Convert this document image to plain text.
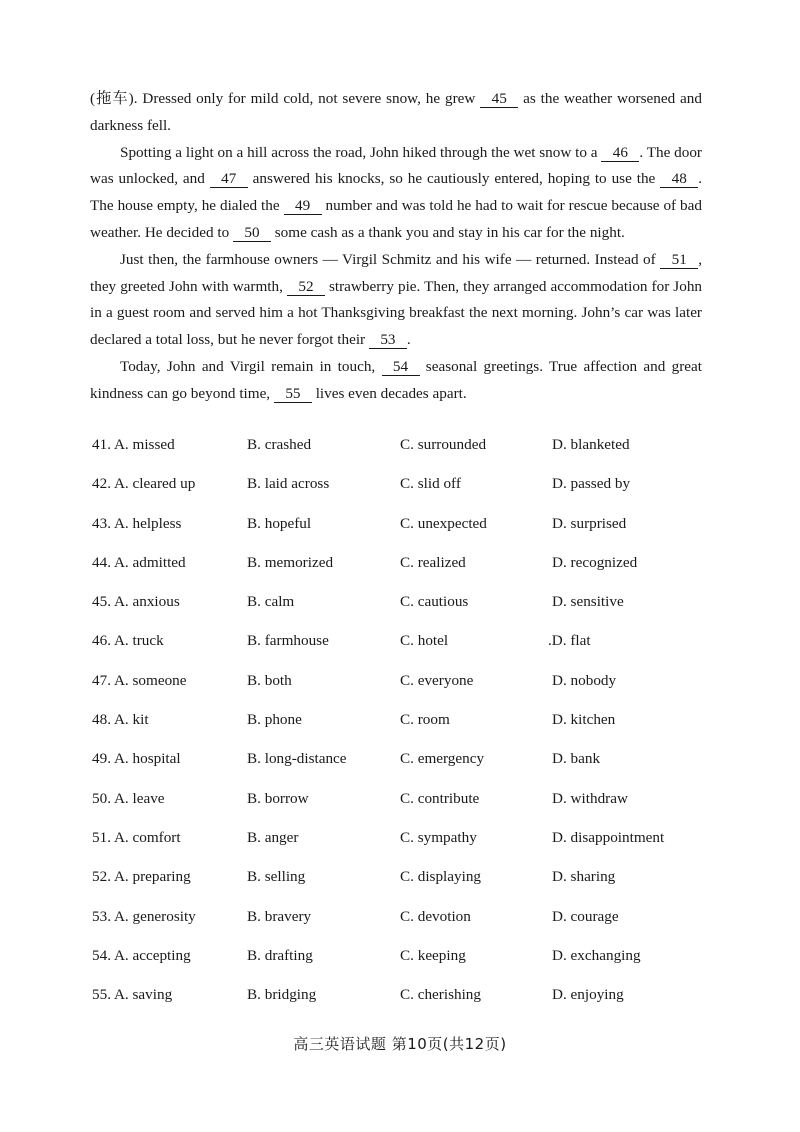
(拖车). Dressed only for mild cold, not severe snow, he grew 45 as the weather worsened and darkness fell.

Spotting a light on a hill across the road, John hiked through the wet snow to a 46 . The door was unlocked, and 47 answered his knocks, so he cautiously entered, hoping to use the 48 . The house empty, he dialed the 49 number and was told he had to wait for rescue because of bad weather. He decided to 50 some cash as a thank you and stay in his car for the night.

Just then, the farmhouse owners — Virgil Schmitz and his wife — returned. Instead of 51 , they greeted John with warmth, 52 strawberry pie. Then, they arranged accommodation for John in a guest room and served him a hot Thanksgiving breakfast the next morning. John’s car was later declared a total loss, but he never forgot their 53 .

Today, John and Virgil remain in touch, 54 seasonal greetings. True affection and great kindness can go beyond time, 55 lives even decades apart.

41. A. missed	B. crashed	C. surrounded	D. blanketed
42. A. cleared up	B. laid across	C. slid off	D. passed by
43. A. helpless	B. hopeful	C. unexpected	D. surprised
44. A. admitted	B. memorized	C. realized	D. recognized
45. A. anxious	B. calm	C. cautious	D. sensitive
46. A. truck	B. farmhouse	C. hotel	.D. flat
47. A. someone	B. both	C. everyone	D. nobody
48. A. kit	B. phone	C. room	D. kitchen
49. A. hospital	B. long-distance	C. emergency	D. bank
50. A. leave	B. borrow	C. contribute	D. withdraw
51. A. comfort	B. anger	C. sympathy	D. disappointment
52. A. preparing	B. selling	C. displaying	D. sharing
53. A. generosity	B. bravery	C. devotion	D. courage
54. A. accepting	B. drafting	C. keeping	D. exchanging
55. A. saving	B. bridging	C. cherishing	D. enjoying
高三英语试题 第10页(共12页)
